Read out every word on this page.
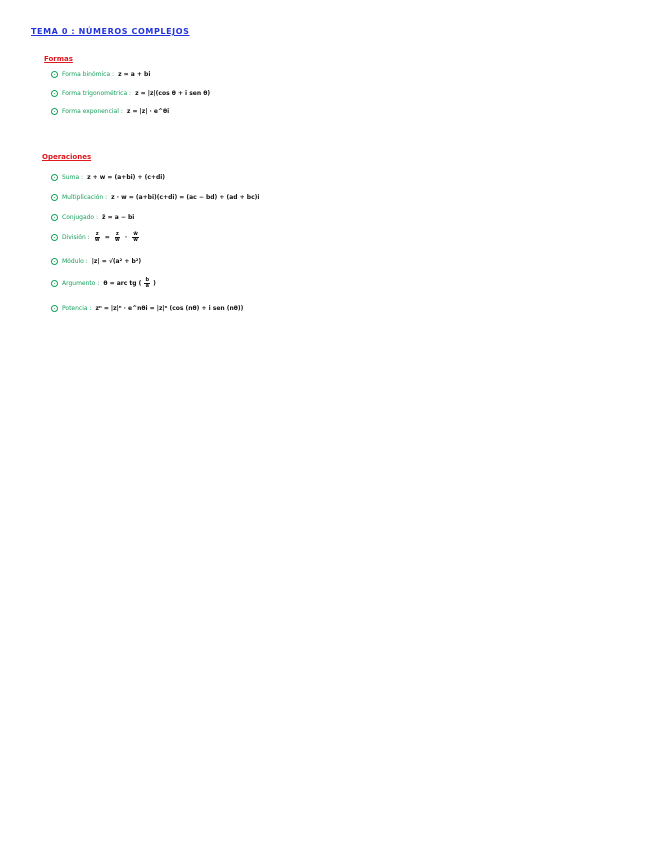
TEMA 0 : NÚMEROS COMPLEJOS
Formas
Forma binómica : z = a + bi
Forma trigonométrica : z = |z|(cos θ + i sen θ)
Forma exponencial : z = |z| · e^θi
Operaciones
Suma : z + w = (a+bi) + (c+di)
Multiplicación : z · w = (a+bi)(c+di) = (ac − bd) + (ad + bc)i
Conjugado : z̄ = a − bi
División : $\frac{z}{w} = \frac{z}{w} \cdot \frac{w̄}{w̄}$
Módulo : |z| = √(a² + b²)
Argumento : θ = arc tg ( $\frac{b}{a}$ )
Potencia : zⁿ = |z|ⁿ · e^nθi = |z|ⁿ (cos (nθ) + i sen (nθ))
